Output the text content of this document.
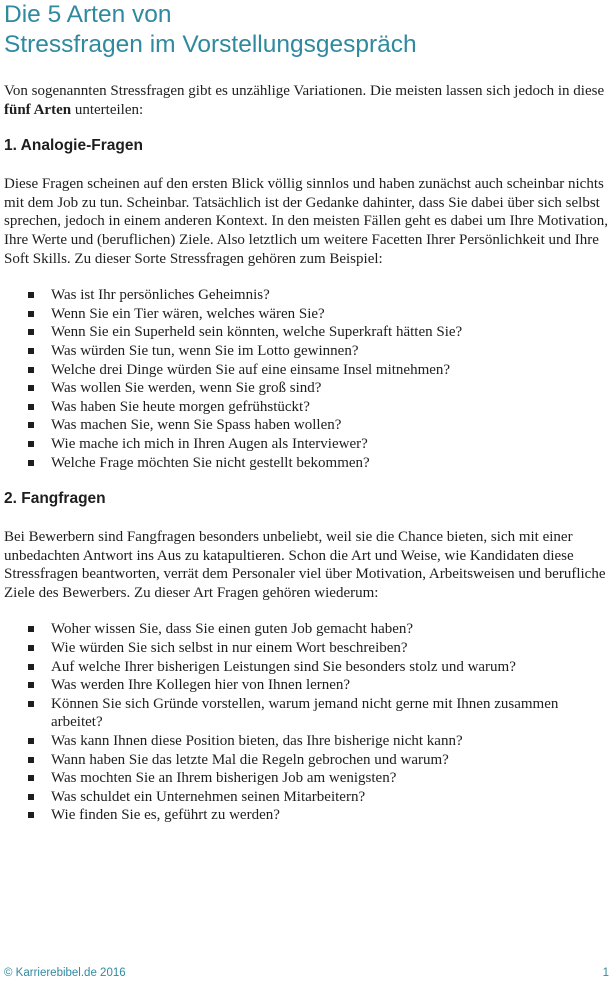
Die 5 Arten von
Stressfragen im Vorstellungsgespräch

Von sogenannten Stressfragen gibt es unzählige Variationen. Die meisten lassen sich jedoch in diese fünf Arten unterteilen:

1. Analogie-Fragen

Diese Fragen scheinen auf den ersten Blick völlig sinnlos und haben zunächst auch scheinbar nichts mit dem Job zu tun. Scheinbar. Tatsächlich ist der Gedanke dahinter, dass Sie dabei über sich selbst sprechen, jedoch in einem anderen Kontext. In den meisten Fällen geht es dabei um Ihre Motivation, Ihre Werte und (beruflichen) Ziele. Also letztlich um weitere Facetten Ihrer Persönlichkeit und Ihre Soft Skills. Zu dieser Sorte Stressfragen gehören zum Beispiel:

Was ist Ihr persönliches Geheimnis?
Wenn Sie ein Tier wären, welches wären Sie?
Wenn Sie ein Superheld sein könnten, welche Superkraft hätten Sie?
Was würden Sie tun, wenn Sie im Lotto gewinnen?
Welche drei Dinge würden Sie auf eine einsame Insel mitnehmen?
Was wollen Sie werden, wenn Sie groß sind?
Was haben Sie heute morgen gefrühstückt?
Was machen Sie, wenn Sie Spass haben wollen?
Wie mache ich mich in Ihren Augen als Interviewer?
Welche Frage möchten Sie nicht gestellt bekommen?
2. Fangfragen

Bei Bewerbern sind Fangfragen besonders unbeliebt, weil sie die Chance bieten, sich mit einer unbedachten Antwort ins Aus zu katapultieren. Schon die Art und Weise, wie Kandidaten diese Stressfragen beantworten, verrät dem Personaler viel über Motivation, Arbeitsweisen und berufliche Ziele des Bewerbers. Zu dieser Art Fragen gehören wiederum:

Woher wissen Sie, dass Sie einen guten Job gemacht haben?
Wie würden Sie sich selbst in nur einem Wort beschreiben?
Auf welche Ihrer bisherigen Leistungen sind Sie besonders stolz und warum?
Was werden Ihre Kollegen hier von Ihnen lernen?
Können Sie sich Gründe vorstellen, warum jemand nicht gerne mit Ihnen zusammen arbeitet?
Was kann Ihnen diese Position bieten, das Ihre bisherige nicht kann?
Wann haben Sie das letzte Mal die Regeln gebrochen und warum?
Was mochten Sie an Ihrem bisherigen Job am wenigsten?
Was schuldet ein Unternehmen seinen Mitarbeitern?
Wie finden Sie es, geführt zu werden?
© Karrierebibel.de 2016	1
